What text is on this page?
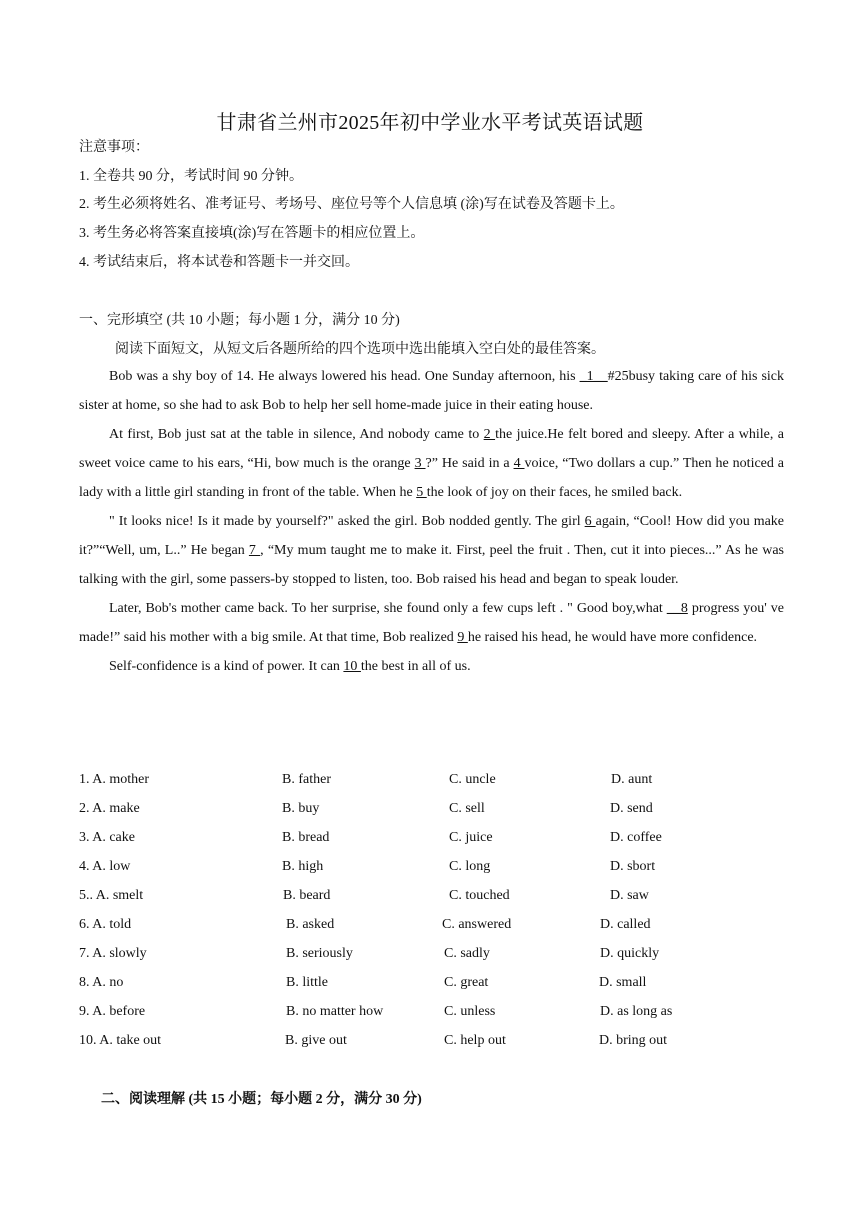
甘肃省兰州市2025年初中学业水平考试英语试题
注意事项：
1. 全卷共 90 分，考试时间 90 分钟。
2. 考生必须将姓名、准考证号、考场号、座位号等个人信息填 (涂)写在试卷及答题卡上。
3. 考生务必将答案直接填(涂)写在答题卡的相应位置上。
4. 考试结束后，将本试卷和答题卡一并交回。
一、完形填空 (共 10 小题；每小题 1 分，满分 10 分)
阅读下面短文，从短文后各题所给的四个选项中选出能填入空白处的最佳答案。

Bob was a shy boy of 14. He always lowered his head. One Sunday afternoon, his _1__#25busy taking care of his sick sister at home, so she had to ask Bob to help her sell home-made juice in their eating house.

At first, Bob just sat at the table in silence, And nobody came to 2 the juice.He felt bored and sleepy. After a while, a sweet voice came to his ears, “Hi, bow much is the orange 3 ?” He said in a 4 voice, “Two dollars a cup.” Then he noticed a lady with a little girl standing in front of the table. When he 5 the look of joy on their faces, he smiled back.

" It looks nice! Is it made by yourself?" asked the girl. Bob nodded gently. The girl 6 again, “Cool! How did you make it?”“Well, um, L..” He began 7 , “My mum taught me to make it. First, peel the fruit . Then, cut it into pieces...” As he was talking with the girl, some passers-by stopped to listen, too. Bob raised his head and began to speak louder.

Later, Bob's mother came back. To her surprise, she found only a few cups left . " Good boy,what __8 progress you' ve made!” said his mother with a big smile. At that time, Bob realized 9 he raised his head, he would have more confidence.

Self-confidence is a kind of power. It can 10 the best in all of us.

1. A. mother	B. father	C. uncle	D. aunt
2. A. make	B. buy	C. sell	D. send
3. A. cake	B. bread	C. juice	D. coffee
4. A. low	B. high	C. long	D. sbort
5.. A. smelt	B. beard	C. touched	D. saw
6. A. told	B. asked	C. answered	D. called
7. A. slowly	B. seriously	C. sadly	D. quickly
8. A. no	B. little	C. great	D. small
9. A. before	B. no matter how	C. unless	D. as long as
10. A. take out	B. give out	C. help out	D. bring out
二、阅读理解 (共 15 小题；每小题 2 分，满分 30 分)
